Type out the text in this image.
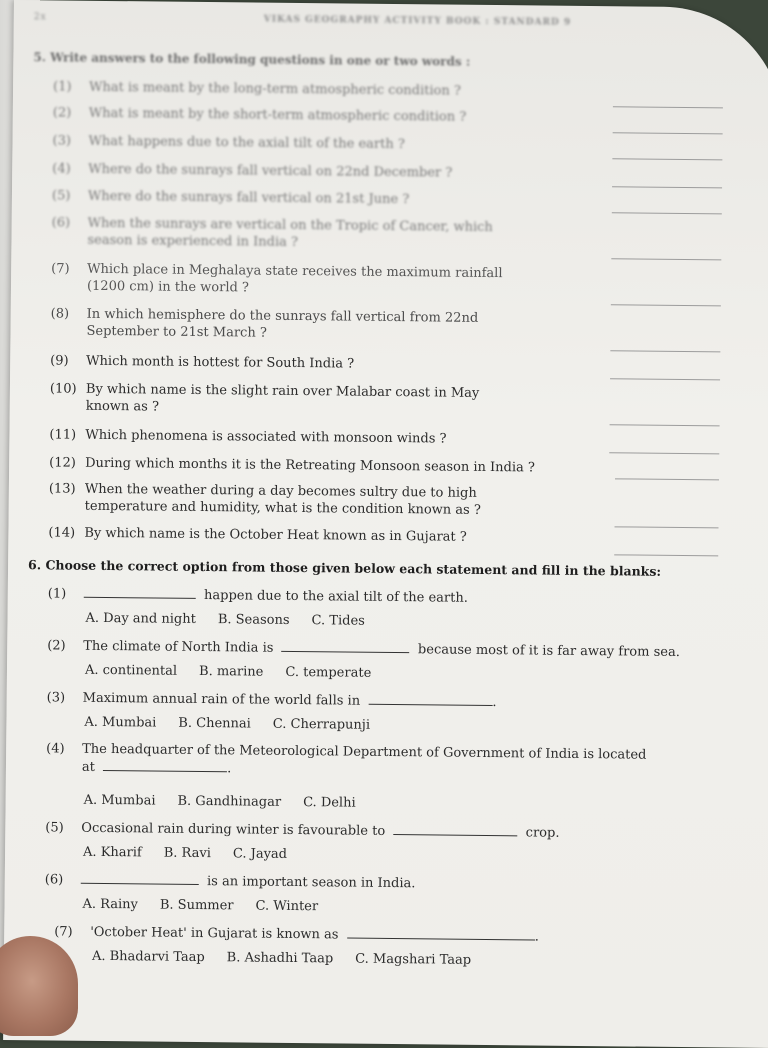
2x	VIKAS GEOGRAPHY ACTIVITY BOOK : STANDARD 9
5. Write answers to the following questions in one or two words :
(1) What is meant by the long-term atmospheric condition ?
(2) What is meant by the short-term atmospheric condition ?
(3) What happens due to the axial tilt of the earth ?
(4) Where do the sunrays fall vertical on 22nd December ?
(5) Where do the sunrays fall vertical on 21st June ?
(6) When the sunrays are vertical on the Tropic of Cancer, which
season is experienced in India ?
(7) Which place in Meghalaya state receives the maximum rainfall
(1200 cm) in the world ?
(8) In which hemisphere do the sunrays fall vertical from 22nd
September to 21st March ?
(9) Which month is hottest for South India ?
(10) By which name is the slight rain over Malabar coast in May
known as ?
(11) Which phenomena is associated with monsoon winds ?
(12) During which months it is the Retreating Monsoon season in India ?
(13) When the weather during a day becomes sultry due to high
temperature and humidity, what is the condition known as ?
(14) By which name is the October Heat known as in Gujarat ?
6. Choose the correct option from those given below each statement and fill in the blanks:
(1)	happen due to the axial tilt of the earth.
A. Day and night B. Seasons C. Tides
(2) The climate of North India is	because most of it is far away from sea.
A. continental B. marine C. temperate
(3) Maximum annual rain of the world falls in	.
A. Mumbai B. Chennai C. Cherrapunji
(4) The headquarter of the Meteorological Department of Government of India is located
at	.
A. Mumbai B. Gandhinagar C. Delhi
(5) Occasional rain during winter is favourable to	crop.
A. Kharif B. Ravi C. Jayad
(6)	is an important season in India.
A. Rainy B. Summer C. Winter
(7) 'October Heat' in Gujarat is known as	.
A. Bhadarvi Taap B. Ashadhi Taap C. Magshari Taap
